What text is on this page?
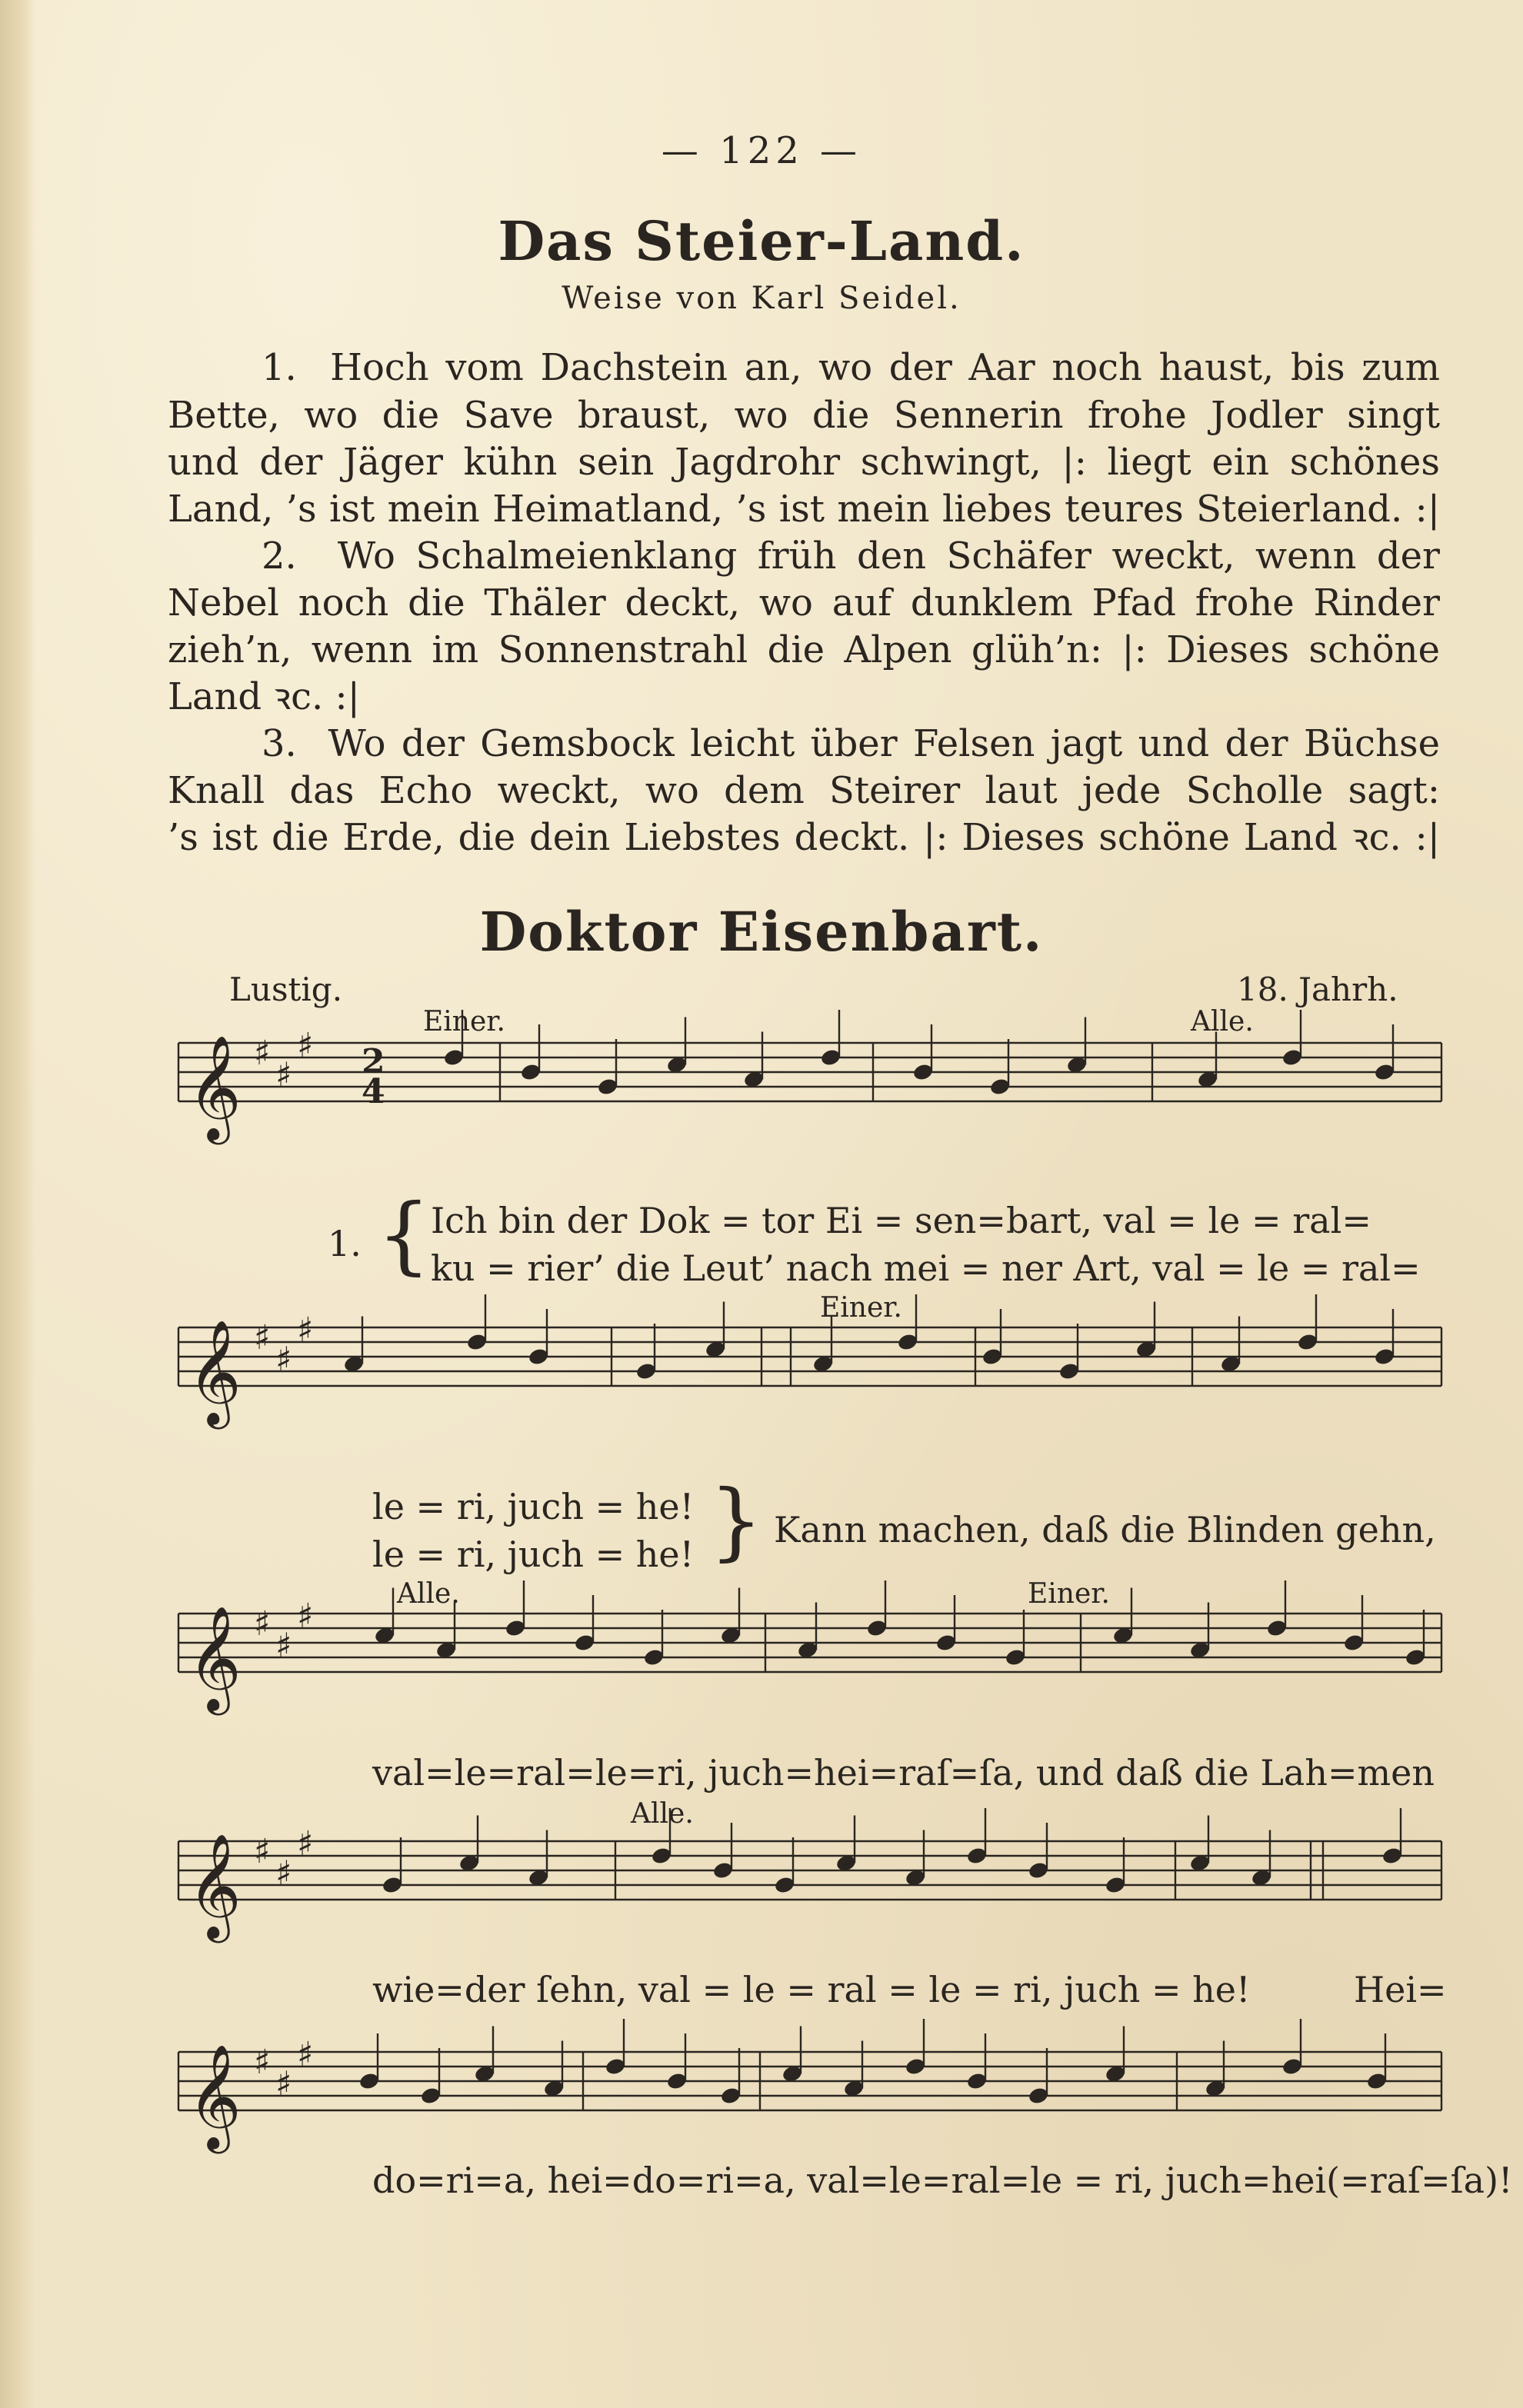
— 122 —
Das Steier-Land.
Weise von Karl Seidel.
1.  Hoch vom Dachstein an, wo der Aar noch haust, bis zum
Bette, wo die Save braust, wo die Sennerin frohe Jodler singt
und der Jäger kühn sein Jagdrohr schwingt, |: liegt ein schönes
Land, ’s ist mein Heimatland, ’s ist mein liebes teures Steierland. :|
2.  Wo Schalmeienklang früh den Schäfer weckt, wenn der
Nebel noch die Thäler deckt, wo auf dunklem Pfad frohe Rinder
zieh’n, wenn im Sonnenstrahl die Alpen glüh’n: |: Dieses schöne
Land ꝛc. :|
3.  Wo der Gemsbock leicht über Felsen jagt und der Büchse
Knall das Echo weckt, wo dem Steirer laut jede Scholle sagt:
’s ist die Erde, die dein Liebstes deckt. |: Dieses schöne Land ꝛc. :|
Doktor Eisenbart.
Lustig.	18. Jahrh.
Einer.	Alle.
Einer.
Alle.	Einer.
Alle.
1. { Ich bin der Dok = tor Ei = sen=bart, val = le = ral=
ku = rier’ die Leut’ nach mei = ner Art, val = le = ral=
le = ri, juch = he!
le = ri, juch = he! } Kann machen, daß die Blinden gehn,
val=le=ral=le=ri, juch=hei=raſ=ſa, und daß die Lah=men
wie=der ſehn, val = le = ral = le = ri, juch = he!	Hei=
do=ri=a, hei=do=ri=a, val=le=ral=le = ri, juch=hei(=raſ=ſa)!
𝄞 ♯
♯
♯
𝄞 ♯
♯
♯
𝄞 ♯
♯
♯
𝄞 ♯
♯
♯
𝄞 ♯
♯
♯
2
4
